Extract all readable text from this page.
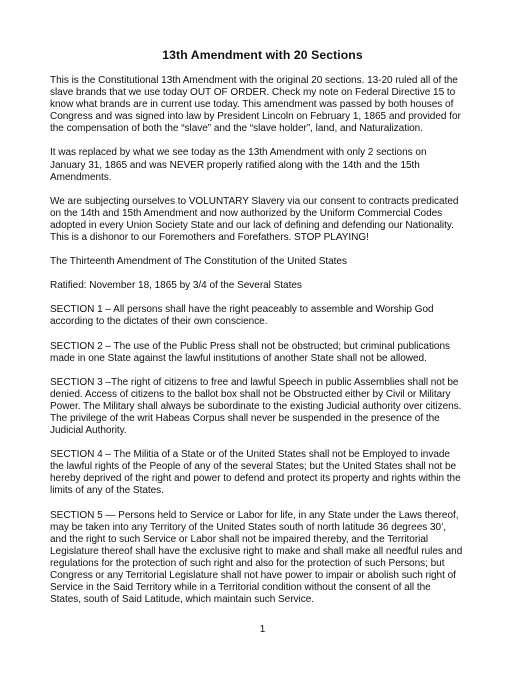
13th Amendment with 20 Sections

This is the Constitutional 13th Amendment with the original 20 sections. 13-20 ruled all of the
slave brands that we use today OUT OF ORDER. Check my note on Federal Directive 15 to
know what brands are in current use today. This amendment was passed by both houses of
Congress and was signed into law by President Lincoln on February 1, 1865 and provided for
the compensation of both the “slave” and the “slave holder”, land, and Naturalization.

It was replaced by what we see today as the 13th Amendment with only 2 sections on
January 31, 1865 and was NEVER properly ratified along with the 14th and the 15th
Amendments.

We are subjecting ourselves to VOLUNTARY Slavery via our consent to contracts predicated
on the 14th and 15th Amendment and now authorized by the Uniform Commercial Codes
adopted in every Union Society State and our lack of defining and defending our Nationality.
This is a dishonor to our Foremothers and Forefathers. STOP PLAYING!

The Thirteenth Amendment of The Constitution of the United States

Ratified: November 18, 1865 by 3/4 of the Several States

SECTION 1 – All persons shall have the right peaceably to assemble and Worship God
according to the dictates of their own conscience.

SECTION 2 – The use of the Public Press shall not be obstructed; but criminal publications
made in one State against the lawful institutions of another State shall not be allowed.

SECTION 3 –The right of citizens to free and lawful Speech in public Assemblies shall not be
denied. Access of citizens to the ballot box shall not be Obstructed either by Civil or Military
Power. The Military shall always be subordinate to the existing Judicial authority over citizens.
The privilege of the writ Habeas Corpus shall never be suspended in the presence of the
Judicial Authority.

SECTION 4 – The Militia of a State or of the United States shall not be Employed to invade
the lawful rights of the People of any of the several States; but the United States shall not be
hereby deprived of the right and power to defend and protect its property and rights within the
limits of any of the States.

SECTION 5 — Persons held to Service or Labor for life, in any State under the Laws thereof,
may be taken into any Territory of the United States south of north latitude 36 degrees 30’,
and the right to such Service or Labor shall not be impaired thereby, and the Territorial
Legislature thereof shall have the exclusive right to make and shall make all needful rules and
regulations for the protection of such right and also for the protection of such Persons; but
Congress or any Territorial Legislature shall not have power to impair or abolish such right of
Service in the Said Territory while in a Territorial condition without the consent of all the
States, south of Said Latitude, which maintain such Service.

1
